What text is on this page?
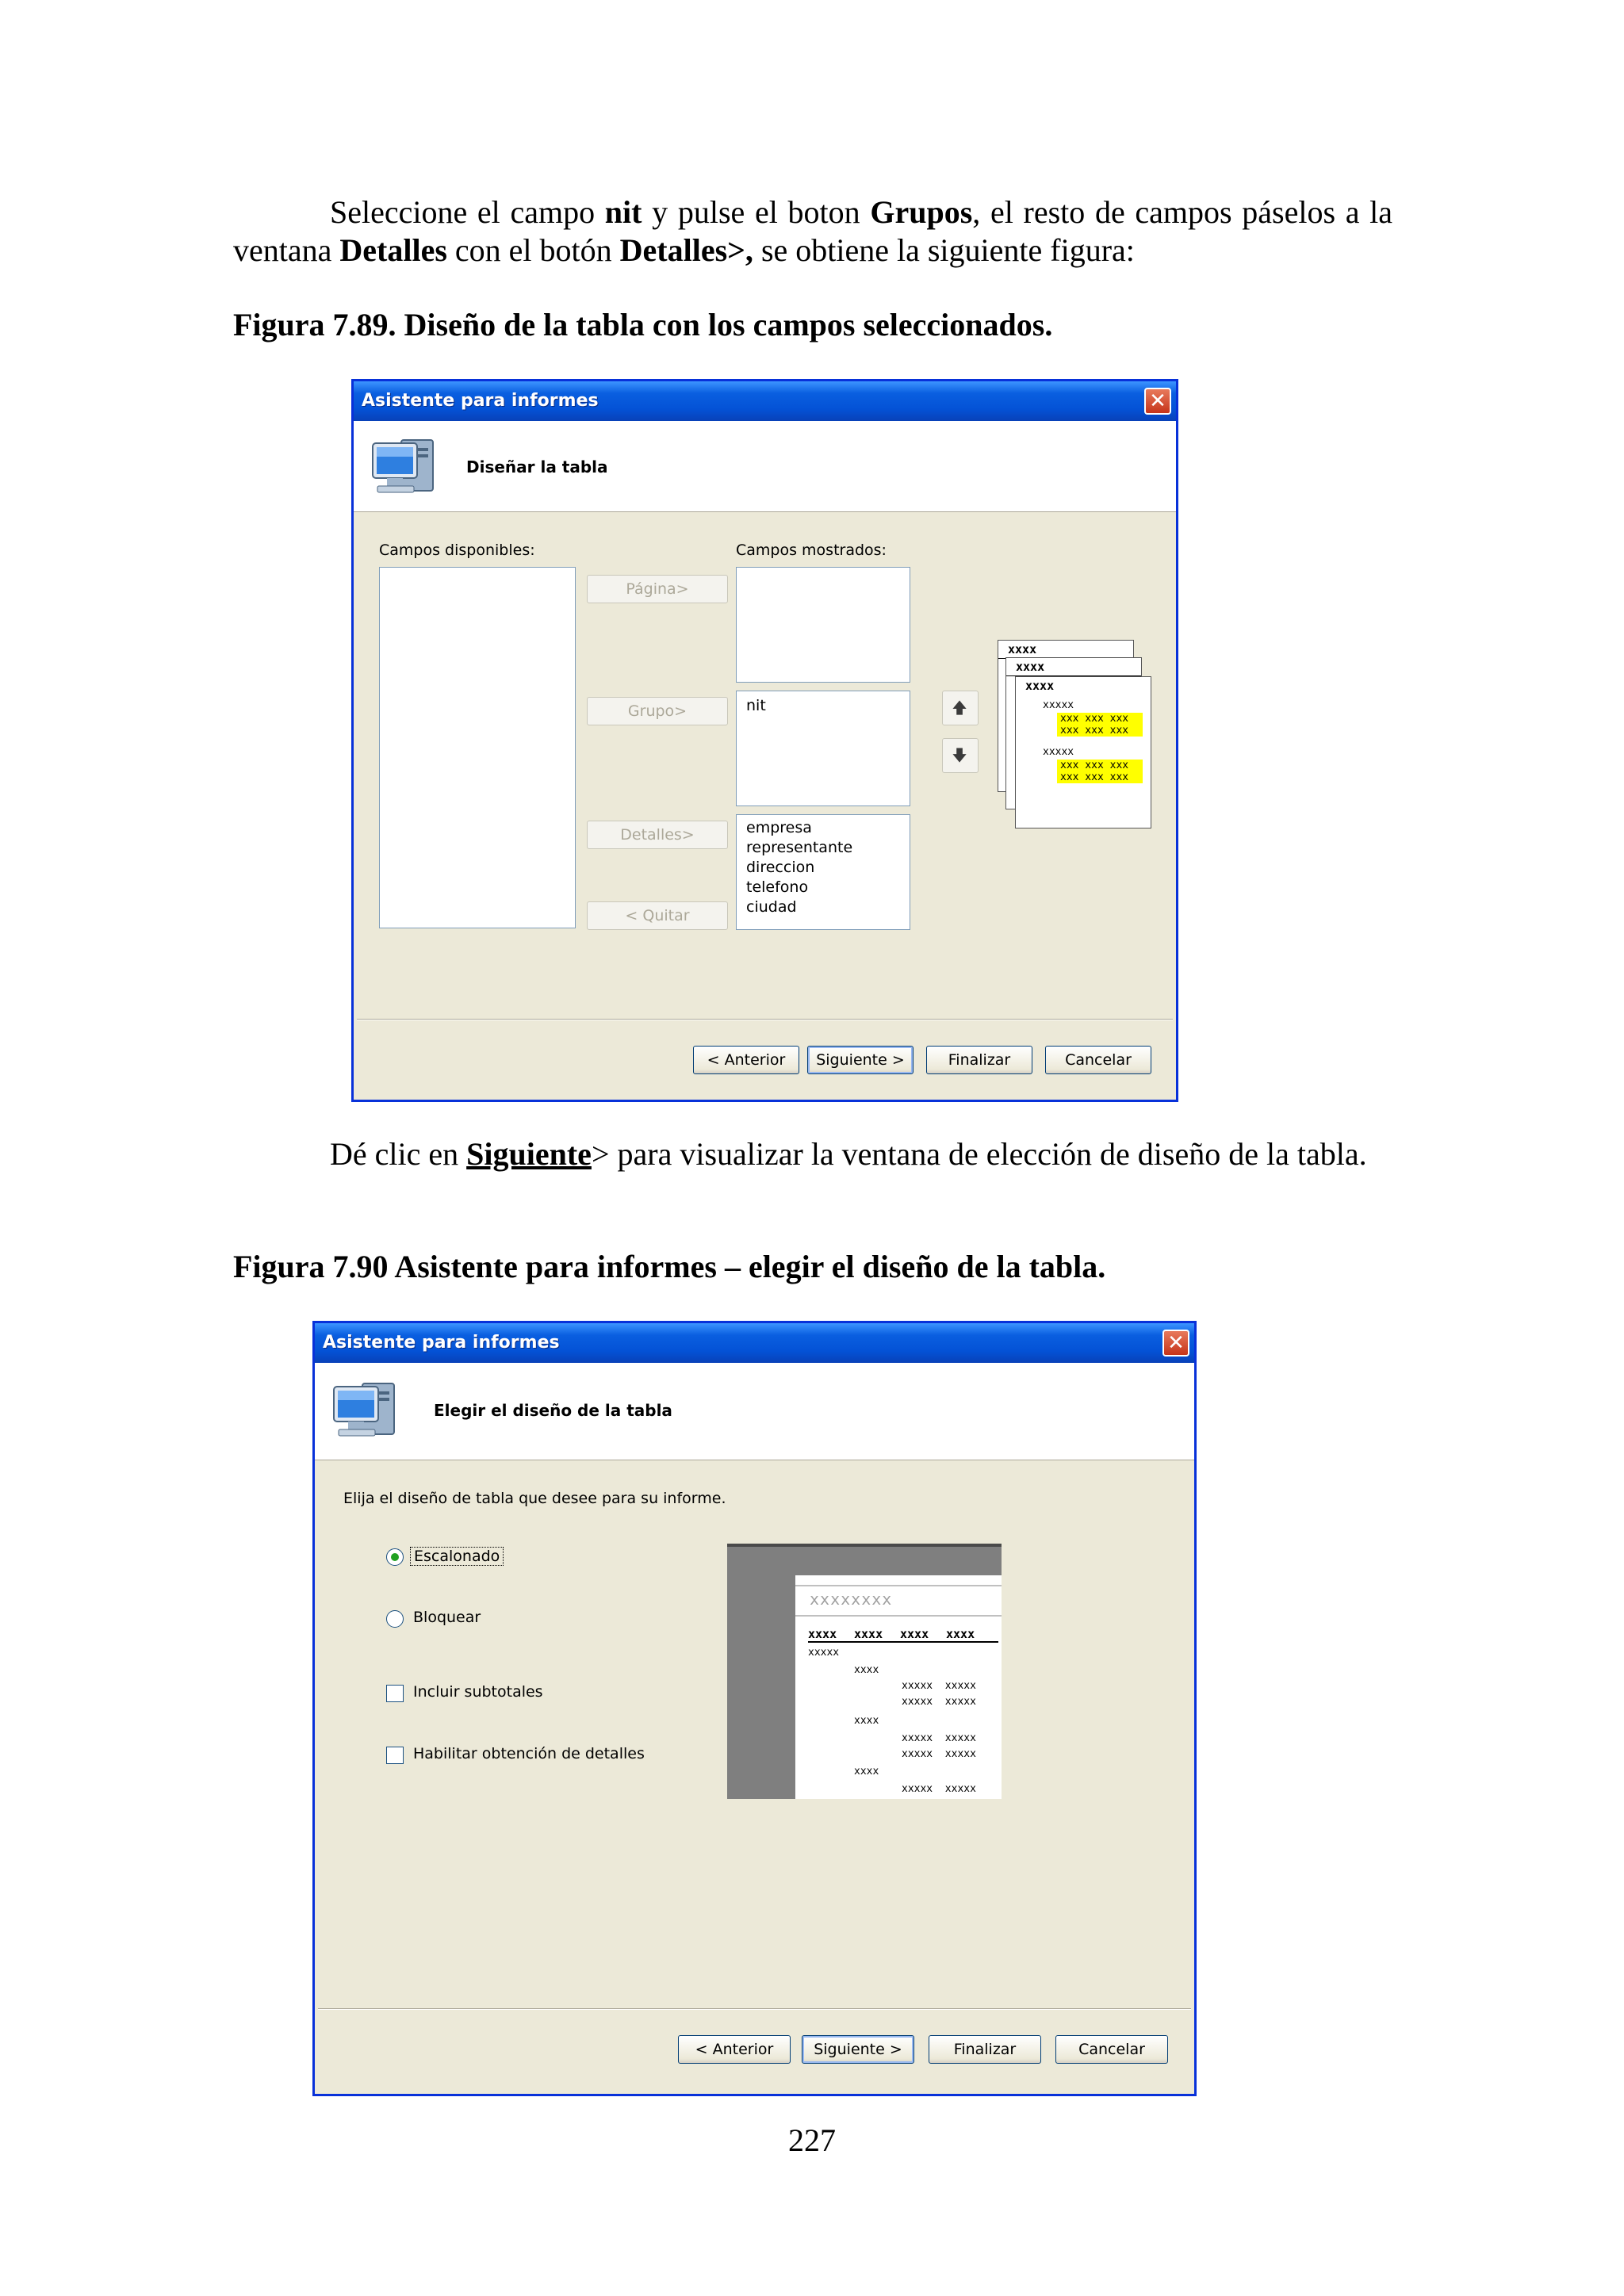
Seleccione el campo nit y pulse el boton Grupos, el resto de campos páselos a la ventana Detalles con el botón Detalles>, se obtiene la siguiente figura:
Figura 7.89. Diseño de la tabla con los campos seleccionados.
Asistente para informes	✕
Diseñar la tabla
Campos disponibles:	Campos mostrados:
nit
empresa
representante
direccion
telefono
ciudad
Página>
Grupo>
Detalles>
< Quitar
xxxx
xxxx
xxxx
xxxxx
xxx xxx xxx
xxx xxx xxx
xxxxx
xxx xxx xxx
xxx xxx xxx
< Anterior	Siguiente >	Finalizar	Cancelar
Dé clic en Siguiente> para visualizar la ventana de elección de diseño de la tabla.
Figura 7.90 Asistente para informes – elegir el diseño de la tabla.
Asistente para informes	✕
Elegir el diseño de la tabla
Elija el diseño de tabla que desee para su informe.
Escalonado
Bloquear
Incluir subtotales
Habilitar obtención de detalles
xxxxxxxx
xxxx xxxx xxxx xxxx
xxxxx
xxxx
xxxxx  xxxxx
xxxxx  xxxxx
xxxx
xxxxx  xxxxx
xxxxx  xxxxx
xxxx
xxxxx  xxxxx
< Anterior	Siguiente >	Finalizar	Cancelar
227
